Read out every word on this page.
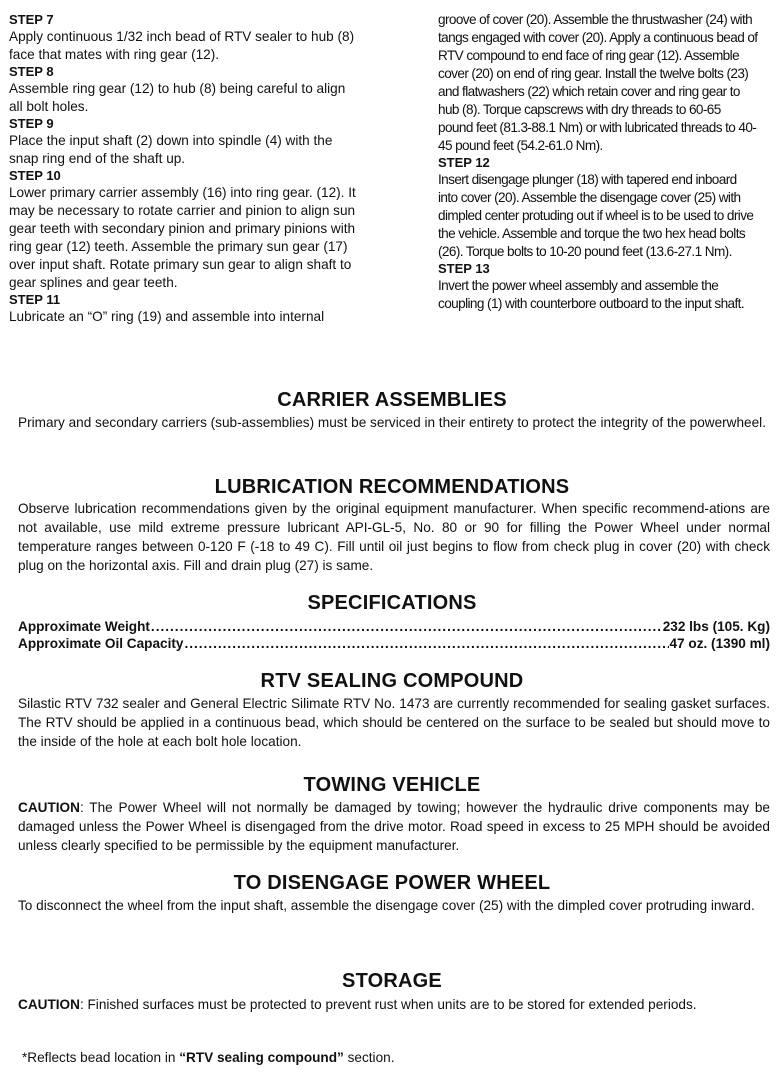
STEP 7
Apply continuous 1/32 inch bead of RTV sealer to hub (8) face that mates with ring gear (12).
STEP 8
Assemble ring gear (12) to hub (8) being careful to align all bolt holes.
STEP 9
Place the input shaft (2) down into spindle (4) with the snap ring end of the shaft up.
STEP 10
Lower primary carrier assembly (16) into ring gear. (12). It may be necessary to rotate carrier and pinion to align sun gear teeth with secondary pinion and primary pinions with ring gear (12) teeth. Assemble the primary sun gear (17) over input shaft. Rotate primary sun gear to align shaft to gear splines and gear teeth.
STEP 11
Lubricate an “O” ring (19) and assemble into internal
groove of cover (20). Assemble the thrustwasher (24) with tangs engaged with cover (20). Apply a continuous bead of RTV compound to end face of ring gear (12). Assemble cover (20) on end of ring gear. Install the twelve bolts (23) and flatwashers (22) which retain cover and ring gear to hub (8). Torque capscrews with dry threads to 60-65 pound feet (81.3-88.1 Nm) or with lubricated threads to 40-45 pound feet (54.2-61.0 Nm).
STEP 12
Insert disengage plunger (18) with tapered end inboard into cover (20). Assemble the disengage cover (25) with dimpled center protuding out if wheel is to be used to drive the vehicle. Assemble and torque the two hex head bolts (26). Torque bolts to 10-20 pound feet (13.6-27.1 Nm).
STEP 13
Invert the power wheel assembly and assemble the coupling (1) with counterbore outboard to the input shaft.
CARRIER ASSEMBLIES
Primary and secondary carriers (sub-assemblies) must be serviced in their entirety to protect the integrity of the powerwheel.
LUBRICATION RECOMMENDATIONS
Observe lubrication recommendations given by the original equipment manufacturer. When specific recommend-ations are not available, use mild extreme pressure lubricant API-GL-5, No. 80 or 90 for filling the Power Wheel under normal temperature ranges between 0-120 F (-18 to 49 C). Fill until oil just begins to flow from check plug in cover (20) with check plug on the horizontal axis. Fill and drain plug (27) is same.
SPECIFICATIONS
Approximate Weight .....	232 lbs (105. Kg)
Approximate Oil Capacity .....	47 oz. (1390 ml)
RTV SEALING COMPOUND
Silastic RTV 732 sealer and General Electric Silimate RTV No. 1473 are currently recommended for sealing gasket surfaces. The RTV should be applied in a continuous bead, which should be centered on the surface to be sealed but should move to the inside of the hole at each bolt hole location.
TOWING VEHICLE
CAUTION: The Power Wheel will not normally be damaged by towing; however the hydraulic drive components may be damaged unless the Power Wheel is disengaged from the drive motor. Road speed in excess to 25 MPH should be avoided unless clearly specified to be permissible by the equipment manufacturer.
TO DISENGAGE POWER WHEEL
To disconnect the wheel from the input shaft, assemble the disengage cover (25) with the dimpled cover protruding inward.
STORAGE
CAUTION: Finished surfaces must be protected to prevent rust when units are to be stored for extended periods.
*Reflects bead location in “RTV sealing compound” section.
